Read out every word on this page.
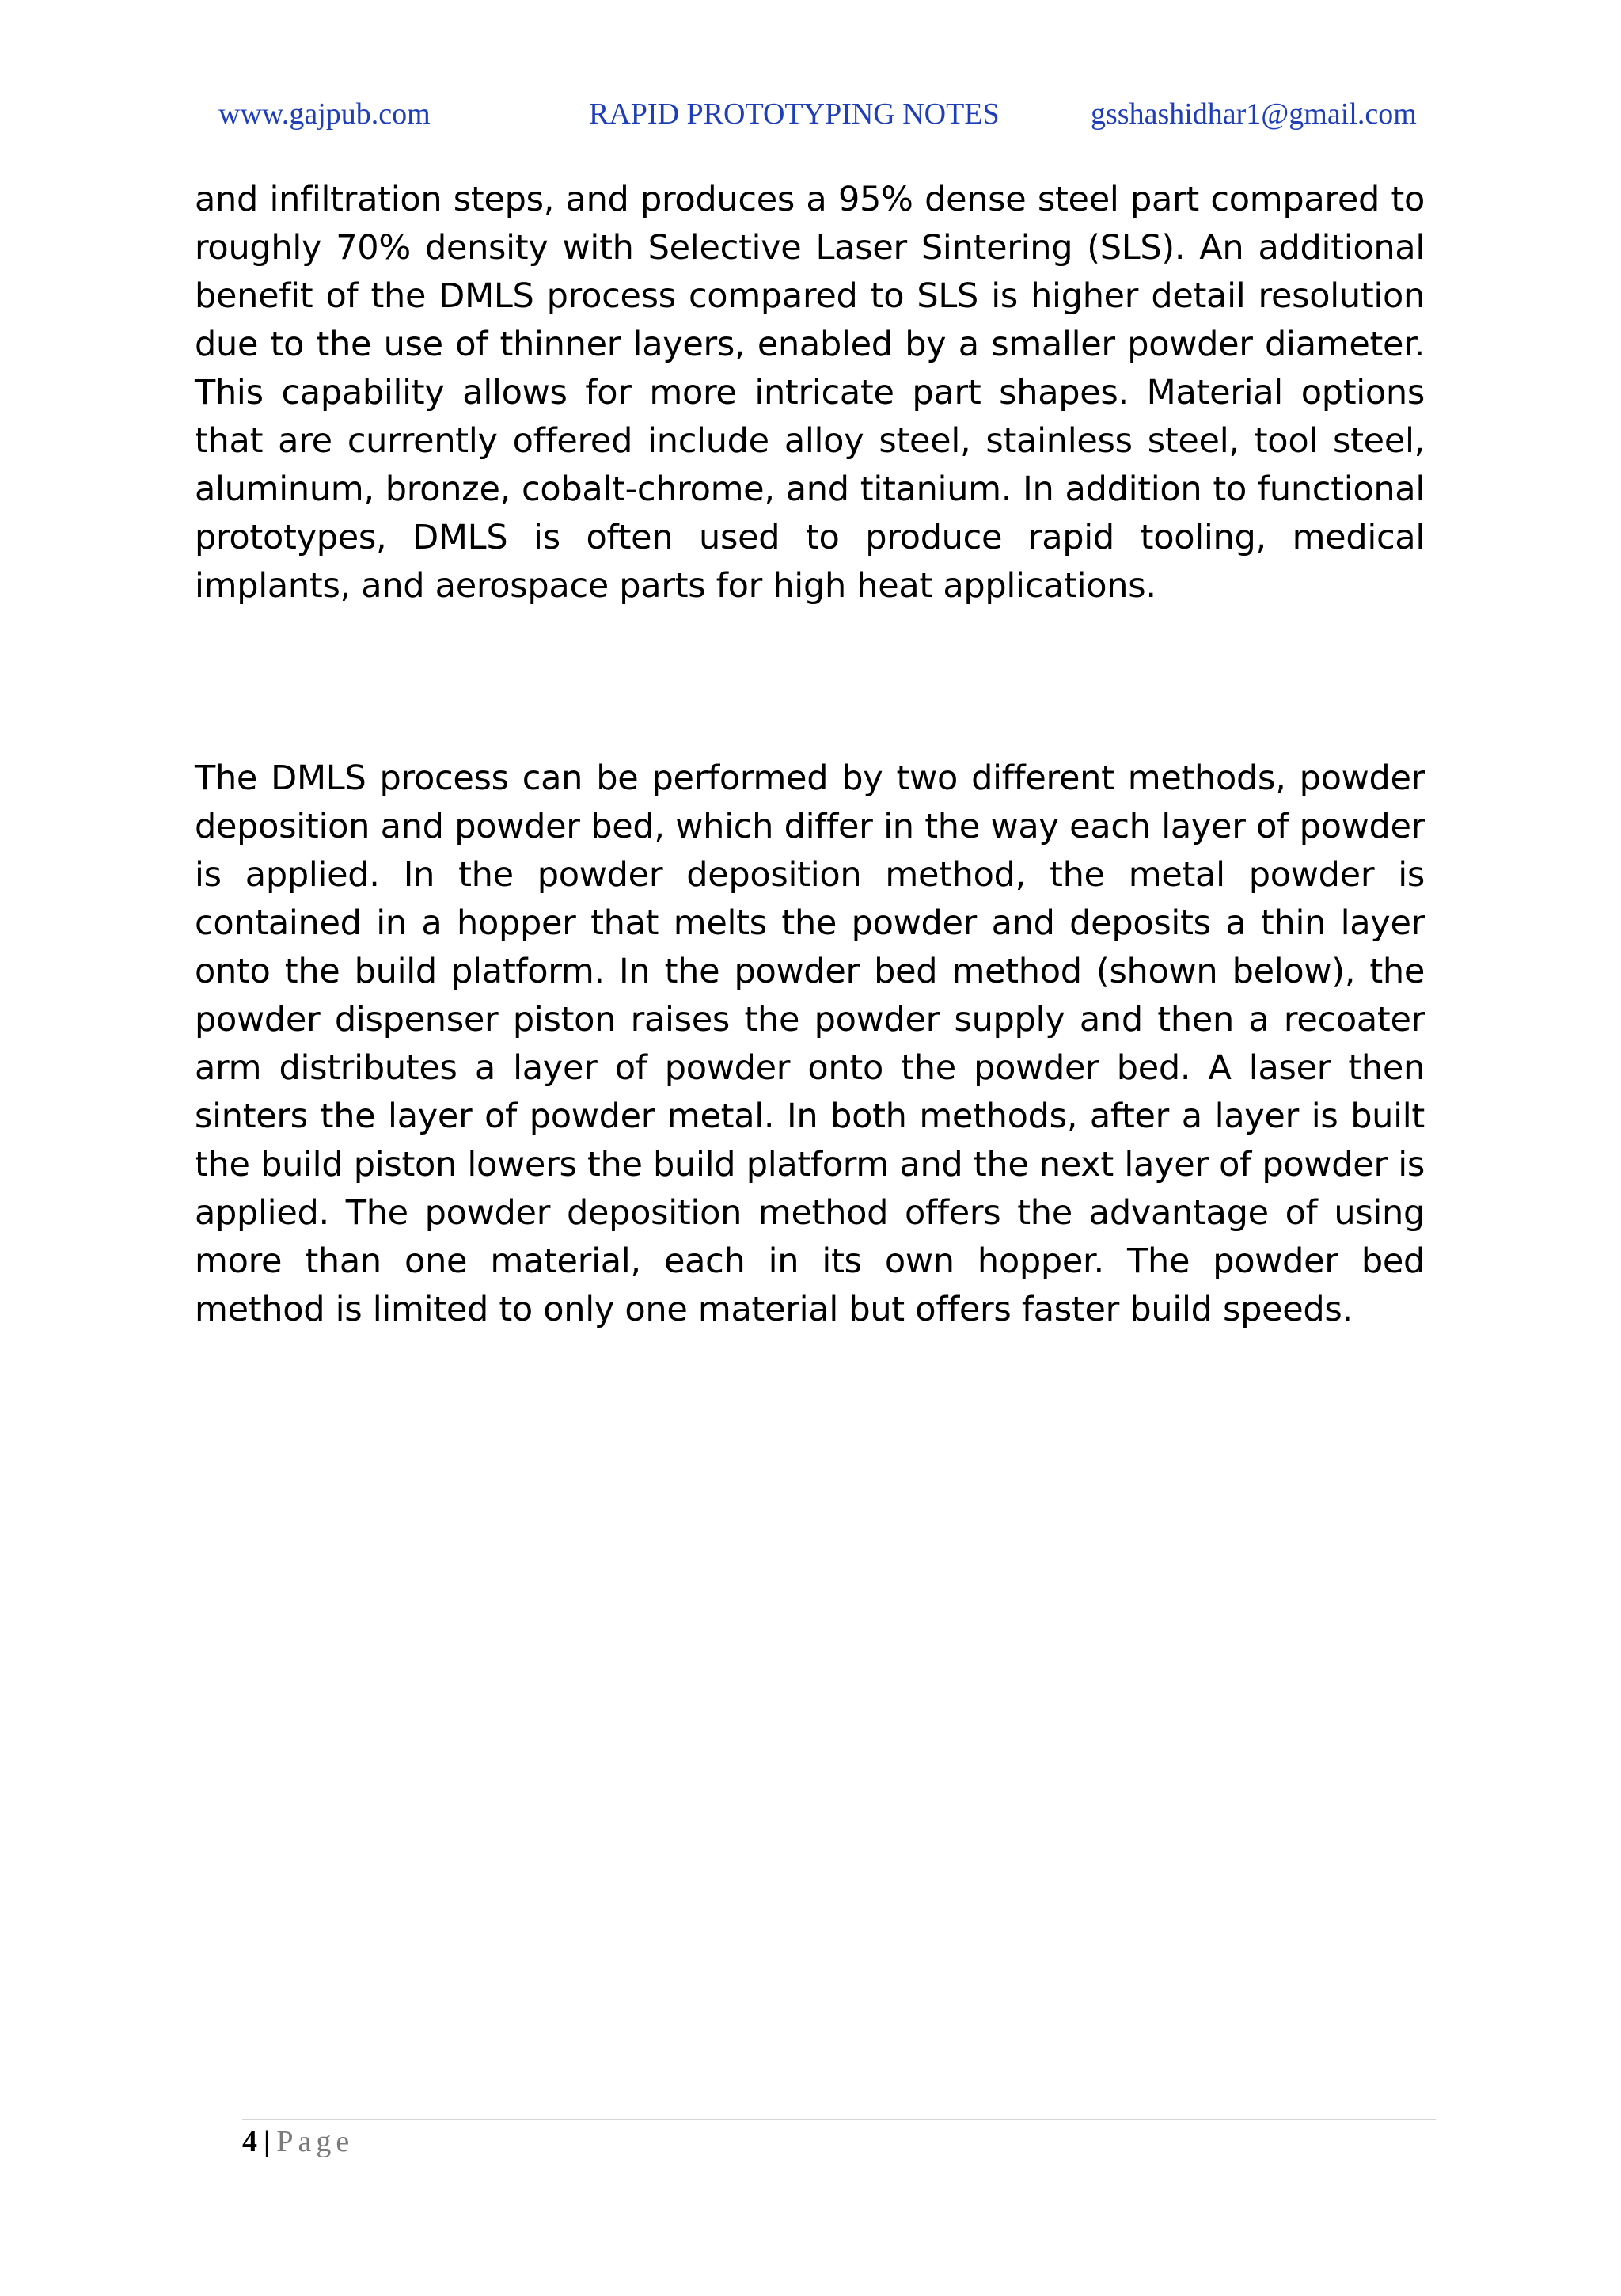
www.gajpub.com	RAPID PROTOTYPING NOTES	gsshashidhar1@gmail.com

and infiltration steps, and produces a 95% dense steel part compared to roughly 70% density with Selective Laser Sintering (SLS). An additional benefit of the DMLS process compared to SLS is higher detail resolution due to the use of thinner layers, enabled by a smaller powder diameter. This capability allows for more intricate part shapes. Material options that are currently offered include alloy steel, stainless steel, tool steel, aluminum, bronze, cobalt-chrome, and titanium. In addition to functional prototypes, DMLS is often used to produce rapid tooling, medical implants, and aerospace parts for high heat applications.

The DMLS process can be performed by two different methods, powder deposition and powder bed, which differ in the way each layer of powder is applied. In the powder deposition method, the metal powder is contained in a hopper that melts the powder and deposits a thin layer onto the build platform. In the powder bed method (shown below), the powder dispenser piston raises the powder supply and then a recoater arm distributes a layer of powder onto the powder bed. A laser then sinters the layer of powder metal. In both methods, after a layer is built the build piston lowers the build platform and the next layer of powder is applied. The powder deposition method offers the advantage of using more than one material, each in its own hopper. The powder bed method is limited to only one material but offers faster build speeds.

4 | Page
